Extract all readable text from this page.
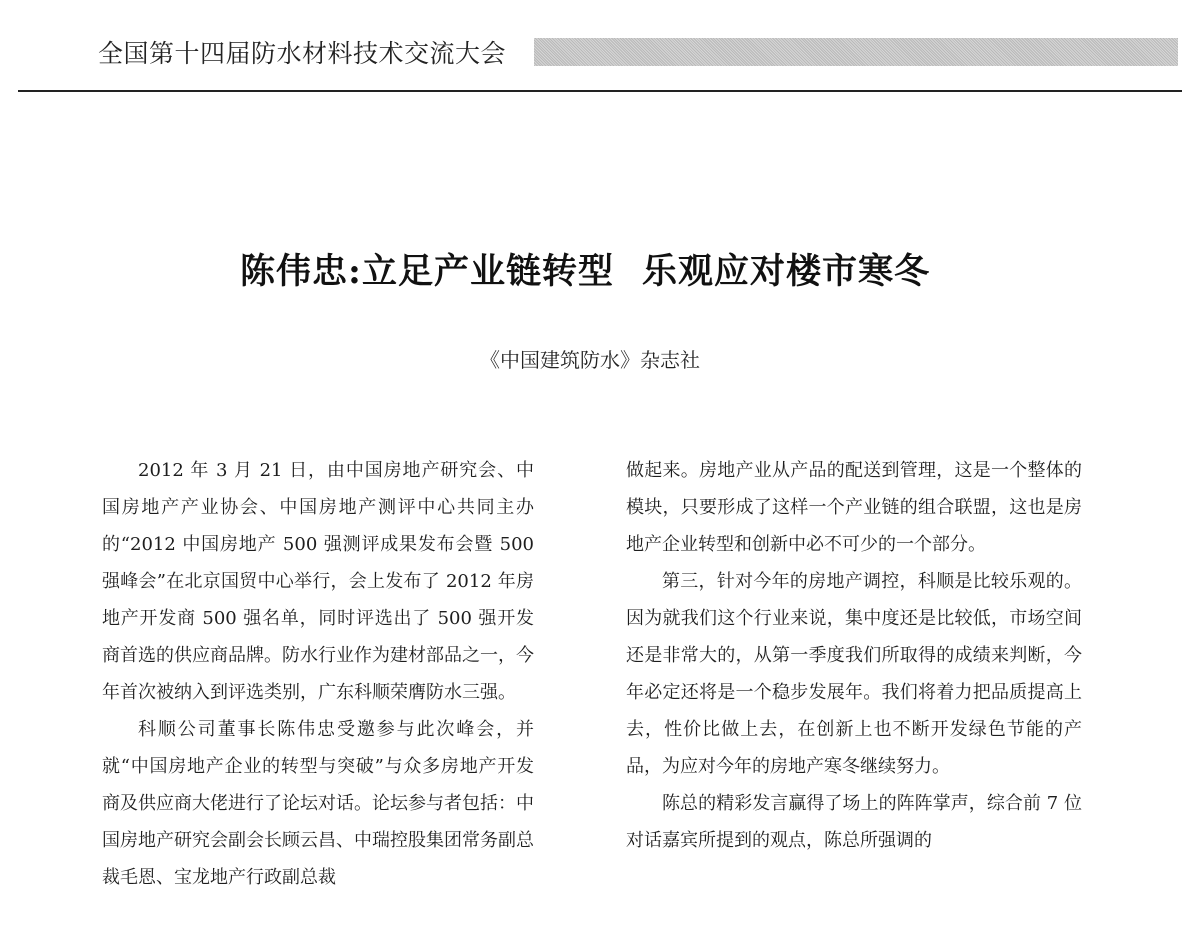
全国第十四届防水材料技术交流大会
陈伟忠:立足产业链转型 乐观应对楼市寒冬
《中国建筑防水》杂志社

2012 年 3 月 21 日，由中国房地产研究会、中国房地产产业协会、中国房地产测评中心共同主办的“2012 中国房地产 500 强测评成果发布会暨 500 强峰会”在北京国贸中心举行，会上发布了 2012 年房地产开发商 500 强名单，同时评选出了 500 强开发商首选的供应商品牌。防水行业作为建材部品之一，今年首次被纳入到评选类别，广东科顺荣膺防水三强。

科顺公司董事长陈伟忠受邀参与此次峰会，并就“中国房地产企业的转型与突破”与众多房地产开发商及供应商大佬进行了论坛对话。论坛参与者包括：中国房地产研究会副会长顾云昌、中瑞控股集团常务副总裁毛恩、宝龙地产行政副总裁

做起来。房地产业从产品的配送到管理，这是一个整体的模块，只要形成了这样一个产业链的组合联盟，这也是房地产企业转型和创新中必不可少的一个部分。

第三，针对今年的房地产调控，科顺是比较乐观的。因为就我们这个行业来说，集中度还是比较低，市场空间还是非常大的，从第一季度我们所取得的成绩来判断，今年必定还将是一个稳步发展年。我们将着力把品质提高上去，性价比做上去，在创新上也不断开发绿色节能的产品，为应对今年的房地产寒冬继续努力。

陈总的精彩发言赢得了场上的阵阵掌声，综合前 7 位对话嘉宾所提到的观点，陈总所强调的
